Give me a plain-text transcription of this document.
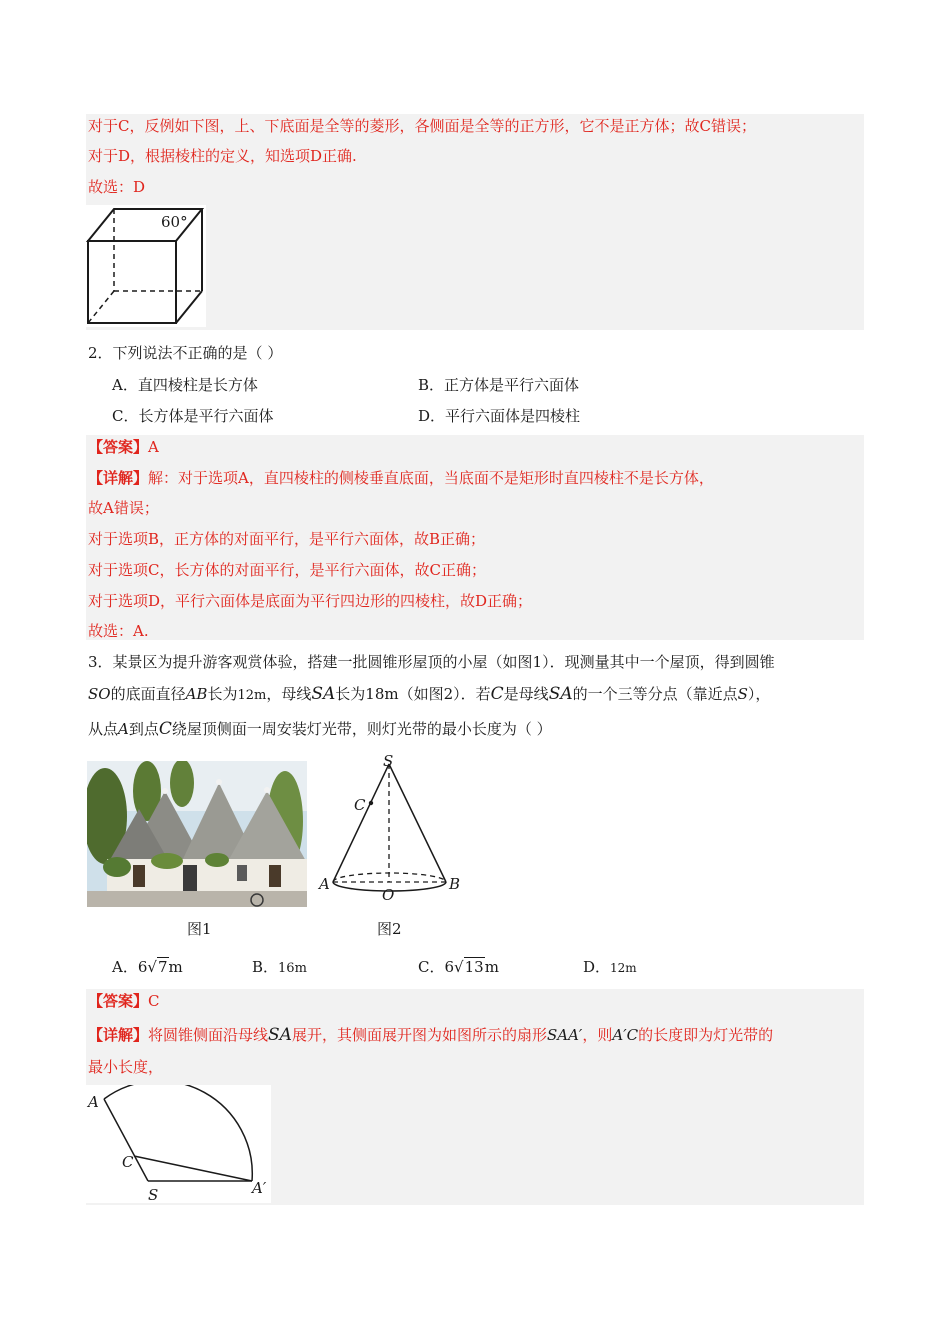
对于C，反例如下图，上、下底面是全等的菱形，各侧面是全等的正方形，它不是正方体；故C错误；
对于D，根据棱柱的定义，知选项D正确.
故选：D
60°
2．下列说法不正确的是（ ）
A．直四棱柱是长方体	B．正方体是平行六面体
C．长方体是平行六面体	D．平行六面体是四棱柱
【答案】A
【详解】解：对于选项A，直四棱柱的侧棱垂直底面，当底面不是矩形时直四棱柱不是长方体，
故A错误；
对于选项B，正方体的对面平行，是平行六面体，故B正确；
对于选项C，长方体的对面平行，是平行六面体，故C正确；
对于选项D，平行六面体是底面为平行四边形的四棱柱，故D正确；
故选：A.
3．某景区为提升游客观赏体验，搭建一批圆锥形屋顶的小屋（如图1）．现测量其中一个屋顶，得到圆锥
SO的底面直径AB长为12m，母线SA长为18m（如图2）．若C是母线SA的一个三等分点（靠近点S），
从点A到点C绕屋顶侧面一周安装灯光带，则灯光带的最小长度为（ ）
图1
S
C
A
O
B
图2
A．6√7m	B．16m	C．6√13m	D．12m
【答案】C
【详解】将圆锥侧面沿母线SA展开，其侧面展开图为如图所示的扇形SAA′，则A′C的长度即为灯光带的
最小长度，
A
C
S	A′
